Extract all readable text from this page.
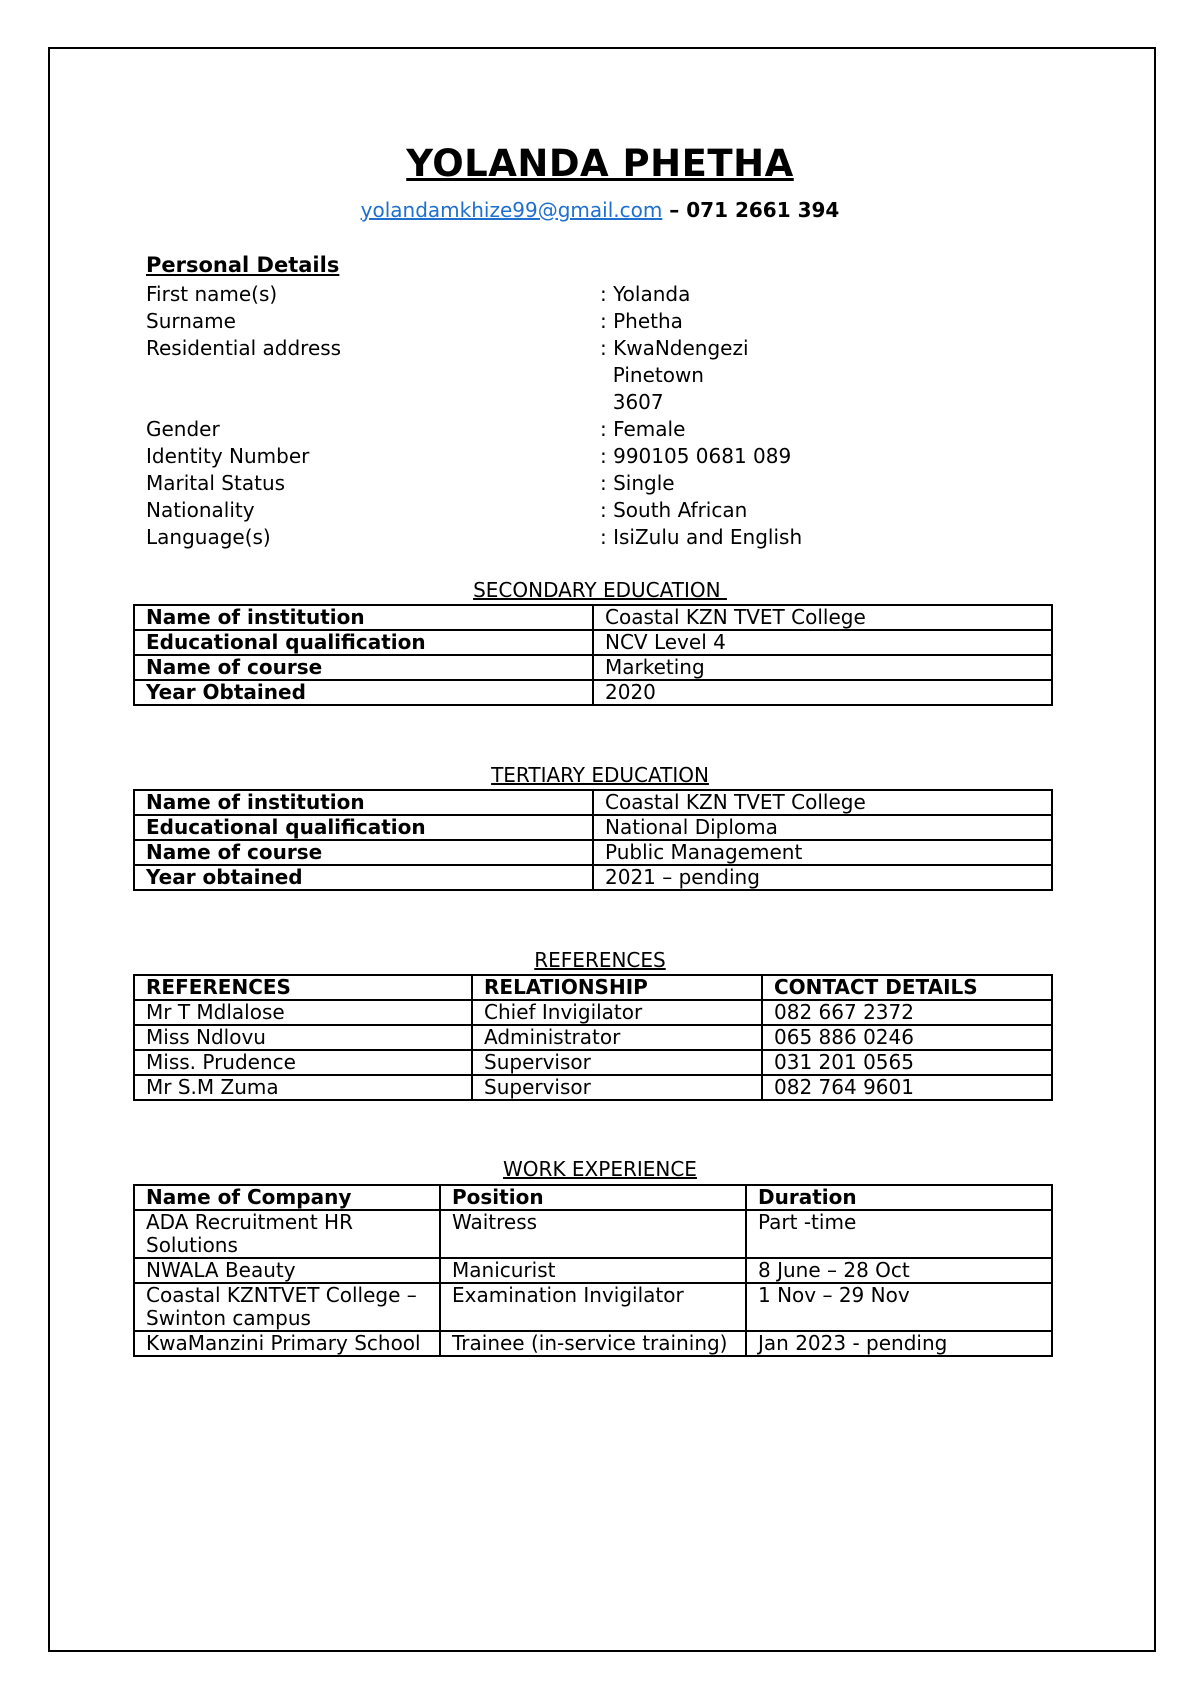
YOLANDA PHETHA
yolandamkhize99@gmail.com – 071 2661 394
Personal Details
First name(s)	: Yolanda
Surname	: Phetha
Residential address	: KwaNdengezi
Pinetown
3607
Gender	: Female
Identity Number	: 990105 0681 089
Marital Status	: Single
Nationality	: South African
Language(s)	: IsiZulu and English
SECONDARY EDUCATION
Name of institution	Coastal KZN TVET College
Educational qualification	NCV Level 4
Name of course	Marketing
Year Obtained	2020
TERTIARY EDUCATION
Name of institution	Coastal KZN TVET College
Educational qualification	National Diploma
Name of course	Public Management
Year obtained	2021 – pending
REFERENCES
REFERENCES	RELATIONSHIP	CONTACT DETAILS
Mr T Mdlalose	Chief Invigilator	082 667 2372
Miss Ndlovu	Administrator	065 886 0246
Miss. Prudence	Supervisor	031 201 0565
Mr S.M Zuma	Supervisor	082 764 9601
WORK EXPERIENCE
Name of Company	Position	Duration
ADA Recruitment HR Solutions	Waitress	Part -time
NWALA Beauty	Manicurist	8 June – 28 Oct
Coastal KZNTVET College – Swinton campus	Examination Invigilator	1 Nov – 29 Nov
KwaManzini Primary School	Trainee (in-service training)	Jan 2023 - pending
